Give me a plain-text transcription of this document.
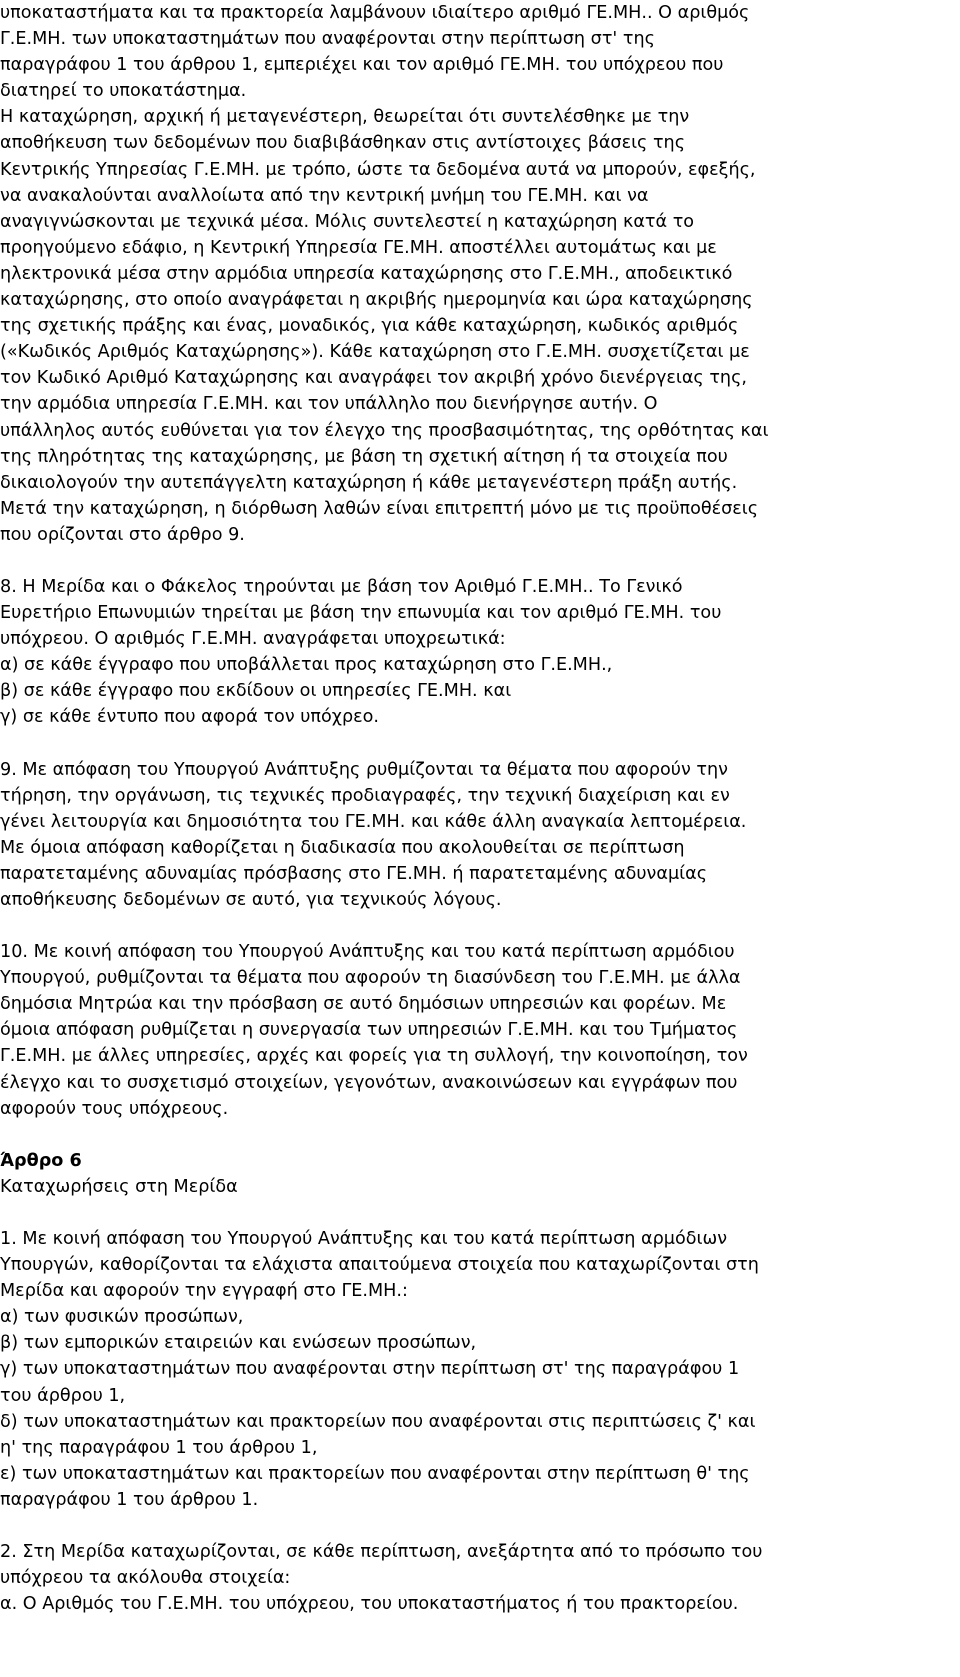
υποκαταστήματα και τα πρακτορεία λαμβάνουν ιδιαίτερο αριθμό ΓΕ.ΜΗ.. Ο αριθμός
Γ.Ε.ΜΗ. των υποκαταστημάτων που αναφέρονται στην περίπτωση στ' της
παραγράφου 1 του άρθρου 1, εμπεριέχει και τον αριθμό ΓΕ.ΜΗ. του υπόχρεου που
διατηρεί το υποκατάστημα.

Η καταχώρηση, αρχική ή μεταγενέστερη, θεωρείται ότι συντελέσθηκε με την
αποθήκευση των δεδομένων που διαβιβάσθηκαν στις αντίστοιχες βάσεις της
Κεντρικής Υπηρεσίας Γ.Ε.ΜΗ. με τρόπο, ώστε τα δεδομένα αυτά να μπορούν, εφεξής,
να ανακαλούνται αναλλοίωτα από την κεντρική μνήμη του ΓΕ.ΜΗ. και να
αναγιγνώσκονται με τεχνικά μέσα. Μόλις συντελεστεί η καταχώρηση κατά το
προηγούμενο εδάφιο, η Κεντρική Υπηρεσία ΓΕ.ΜΗ. αποστέλλει αυτομάτως και με
ηλεκτρονικά μέσα στην αρμόδια υπηρεσία καταχώρησης στο Γ.Ε.ΜΗ., αποδεικτικό
καταχώρησης, στο οποίο αναγράφεται η ακριβής ημερομηνία και ώρα καταχώρησης
της σχετικής πράξης και ένας, μοναδικός, για κάθε καταχώρηση, κωδικός αριθμός
(«Κωδικός Αριθμός Καταχώρησης»). Κάθε καταχώρηση στο Γ.Ε.ΜΗ. συσχετίζεται με
τον Κωδικό Αριθμό Καταχώρησης και αναγράφει τον ακριβή χρόνο διενέργειας της,
την αρμόδια υπηρεσία Γ.Ε.ΜΗ. και τον υπάλληλο που διενήργησε αυτήν. Ο
υπάλληλος αυτός ευθύνεται για τον έλεγχο της προσβασιμότητας, της ορθότητας και
της πληρότητας της καταχώρησης, με βάση τη σχετική αίτηση ή τα στοιχεία που
δικαιολογούν την αυτεπάγγελτη καταχώρηση ή κάθε μεταγενέστερη πράξη αυτής.
Μετά την καταχώρηση, η διόρθωση λαθών είναι επιτρεπτή μόνο με τις προϋποθέσεις
που ορίζονται στο άρθρο 9.

8. Η Μερίδα και ο Φάκελος τηρούνται με βάση τον Αριθμό Γ.Ε.ΜΗ.. Το Γενικό
Ευρετήριο Επωνυμιών τηρείται με βάση την επωνυμία και τον αριθμό ΓΕ.ΜΗ. του
υπόχρεου. Ο αριθμός Γ.Ε.ΜΗ. αναγράφεται υποχρεωτικά:
α) σε κάθε έγγραφο που υποβάλλεται προς καταχώρηση στο Γ.Ε.ΜΗ.,
β) σε κάθε έγγραφο που εκδίδουν οι υπηρεσίες ΓΕ.ΜΗ. και
γ) σε κάθε έντυπο που αφορά τον υπόχρεο.

9. Με απόφαση του Υπουργού Ανάπτυξης ρυθμίζονται τα θέματα που αφορούν την
τήρηση, την οργάνωση, τις τεχνικές προδιαγραφές, την τεχνική διαχείριση και εν
γένει λειτουργία και δημοσιότητα του ΓΕ.ΜΗ. και κάθε άλλη αναγκαία λεπτομέρεια.
Με όμοια απόφαση καθορίζεται η διαδικασία που ακολουθείται σε περίπτωση
παρατεταμένης αδυναμίας πρόσβασης στο ΓΕ.ΜΗ. ή παρατεταμένης αδυναμίας
αποθήκευσης δεδομένων σε αυτό, για τεχνικούς λόγους.

10. Με κοινή απόφαση του Υπουργού Ανάπτυξης και του κατά περίπτωση αρμόδιου
Υπουργού, ρυθμίζονται τα θέματα που αφορούν τη διασύνδεση του Γ.Ε.ΜΗ. με άλλα
δημόσια Μητρώα και την πρόσβαση σε αυτό δημόσιων υπηρεσιών και φορέων. Με
όμοια απόφαση ρυθμίζεται η συνεργασία των υπηρεσιών Γ.Ε.ΜΗ. και του Τμήματος
Γ.Ε.ΜΗ. με άλλες υπηρεσίες, αρχές και φορείς για τη συλλογή, την κοινοποίηση, τον
έλεγχο και το συσχετισμό στοιχείων, γεγονότων, ανακοινώσεων και εγγράφων που
αφορούν τους υπόχρεους.

Άρθρο 6
Καταχωρήσεις στη Μερίδα

1. Με κοινή απόφαση του Υπουργού Ανάπτυξης και του κατά περίπτωση αρμόδιων
Υπουργών, καθορίζονται τα ελάχιστα απαιτούμενα στοιχεία που καταχωρίζονται στη
Μερίδα και αφορούν την εγγραφή στο ΓΕ.ΜΗ.:
α) των φυσικών προσώπων,
β) των εμπορικών εταιρειών και ενώσεων προσώπων,
γ) των υποκαταστημάτων που αναφέρονται στην περίπτωση στ' της παραγράφου 1
του άρθρου 1,
δ) των υποκαταστημάτων και πρακτορείων που αναφέρονται στις περιπτώσεις ζ' και
η' της παραγράφου 1 του άρθρου 1,
ε) των υποκαταστημάτων και πρακτορείων που αναφέρονται στην περίπτωση θ' της
παραγράφου 1 του άρθρου 1.

2. Στη Μερίδα καταχωρίζονται, σε κάθε περίπτωση, ανεξάρτητα από το πρόσωπο του
υπόχρεου τα ακόλουθα στοιχεία:
α. Ο Αριθμός του Γ.Ε.ΜΗ. του υπόχρεου, του υποκαταστήματος ή του πρακτορείου.
